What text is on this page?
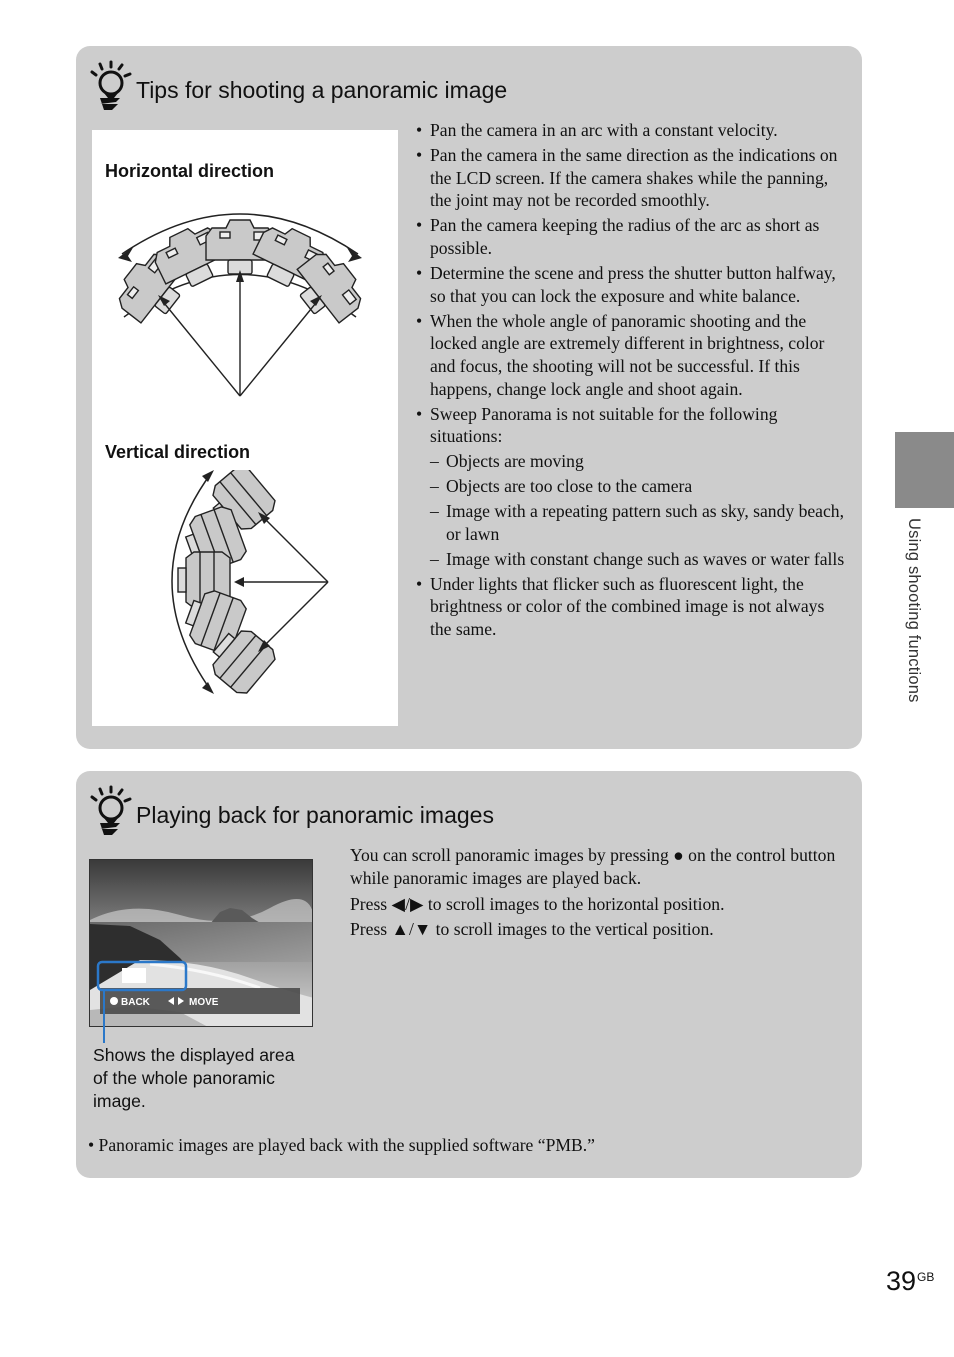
Tips for shooting a panoramic image
Horizontal direction
Vertical direction
• Pan the camera in an arc with a constant velocity.
• Pan the camera in the same direction as the indications on the LCD screen. If the camera shakes while the panning, the joint may not be recorded smoothly.
• Pan the camera keeping the radius of the arc as short as possible.
• Determine the scene and press the shutter button halfway, so that you can lock the exposure and white balance.
• When the whole angle of panoramic shooting and the locked angle are extremely different in brightness, color and focus, the shooting will not be successful. If this happens, change lock angle and shoot again.
• Sweep Panorama is not suitable for the following situations:
– Objects are moving
– Objects are too close to the camera
– Image with a repeating pattern such as sky, sandy beach, or lawn
– Image with constant change such as waves or water falls
• Under lights that flicker such as fluorescent light, the brightness or color of the combined image is not always the same.
Playing back for panoramic images
BACK	MOVE
Shows the displayed area of the whole panoramic image.

You can scroll panoramic images by pressing ● on the control button while panoramic images are played back.

Press ◀/▶ to scroll images to the horizontal position.

Press ▲/▼ to scroll images to the vertical position.

• Panoramic images are played back with the supplied software “PMB.”
Using shooting functions
$39^{GB}$
